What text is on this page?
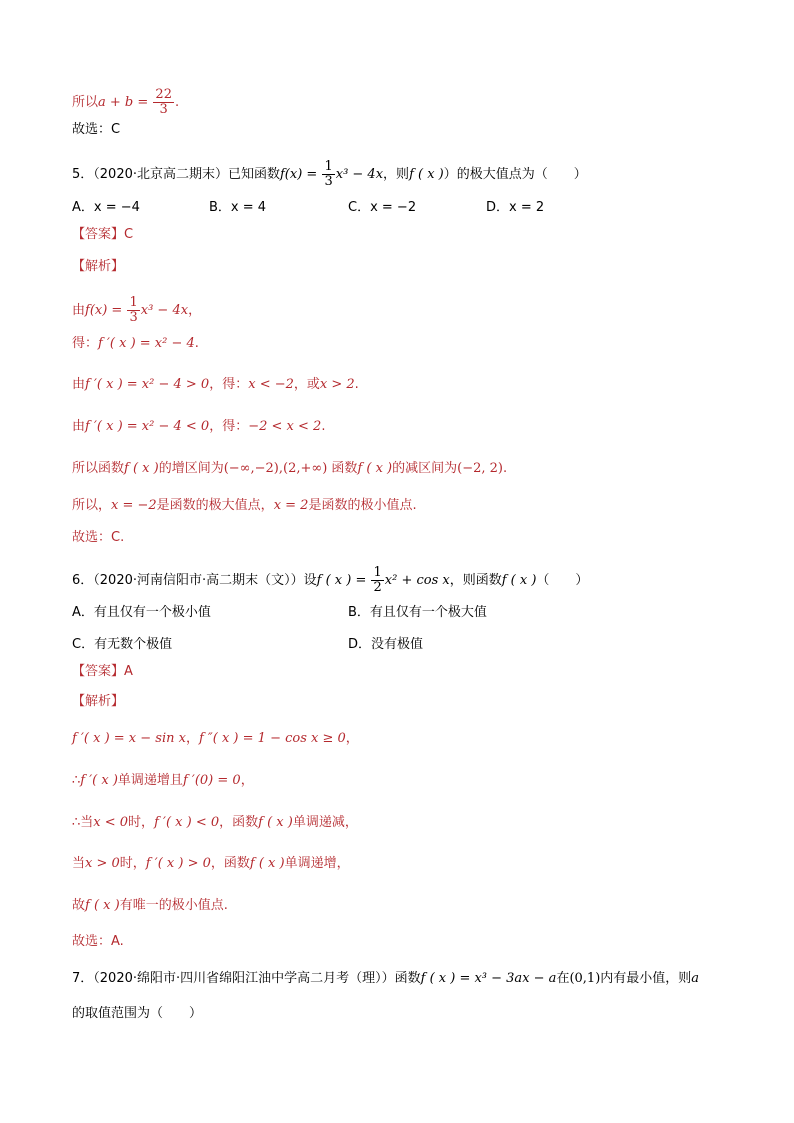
所以$a + b = \frac{22}{3}$ .
故选：C
5．（2020·北京高二期末）已知函数$f(x) = \frac{1}{3} x^3 - 4x$，则f ( x )）的极大值点为（　　）
A．x = −4	B．x = 4	C．x = −2	D．x = 2
【答案】C
【解析】
由$f(x) = \frac{1}{3} x^3 - 4x$，
得：f ′( x ) = x² − 4.
由f ′( x ) = x² − 4 > 0，得：x < −2，或x > 2.
由f ′( x ) = x² − 4 < 0，得：−2 < x < 2.
所以函数f ( x )的增区间为(−∞,−2),(2,+∞) 函数f ( x )的减区间为(−2, 2).
所以，x = −2是函数的极大值点，x = 2是函数的极小值点.
故选：C.
6．（2020·河南信阳市·高二期末（文））设f ( x ) = $\frac{1}{2} x^2 + \cos x$，则函数f ( x )（　　）
A．有且仅有一个极小值	B．有且仅有一个极大值
C．有无数个极值	D．没有极值
【答案】A
【解析】
f ′( x ) = x − sin x，f ″( x ) = 1 − cos x ≥ 0，
∴f ′( x )单调递增且f ′(0) = 0，
∴当x < 0时，f ′( x ) < 0，函数f ( x )单调递减，
当x > 0时，f ′( x ) > 0，函数f ( x )单调递增，
故f ( x )有唯一的极小值点.
故选：A.
7．（2020·绵阳市·四川省绵阳江油中学高二月考（理））函数f ( x ) = x³ − 3ax − a在(0,1)内有最小值，则a
的取值范围为（　　）
